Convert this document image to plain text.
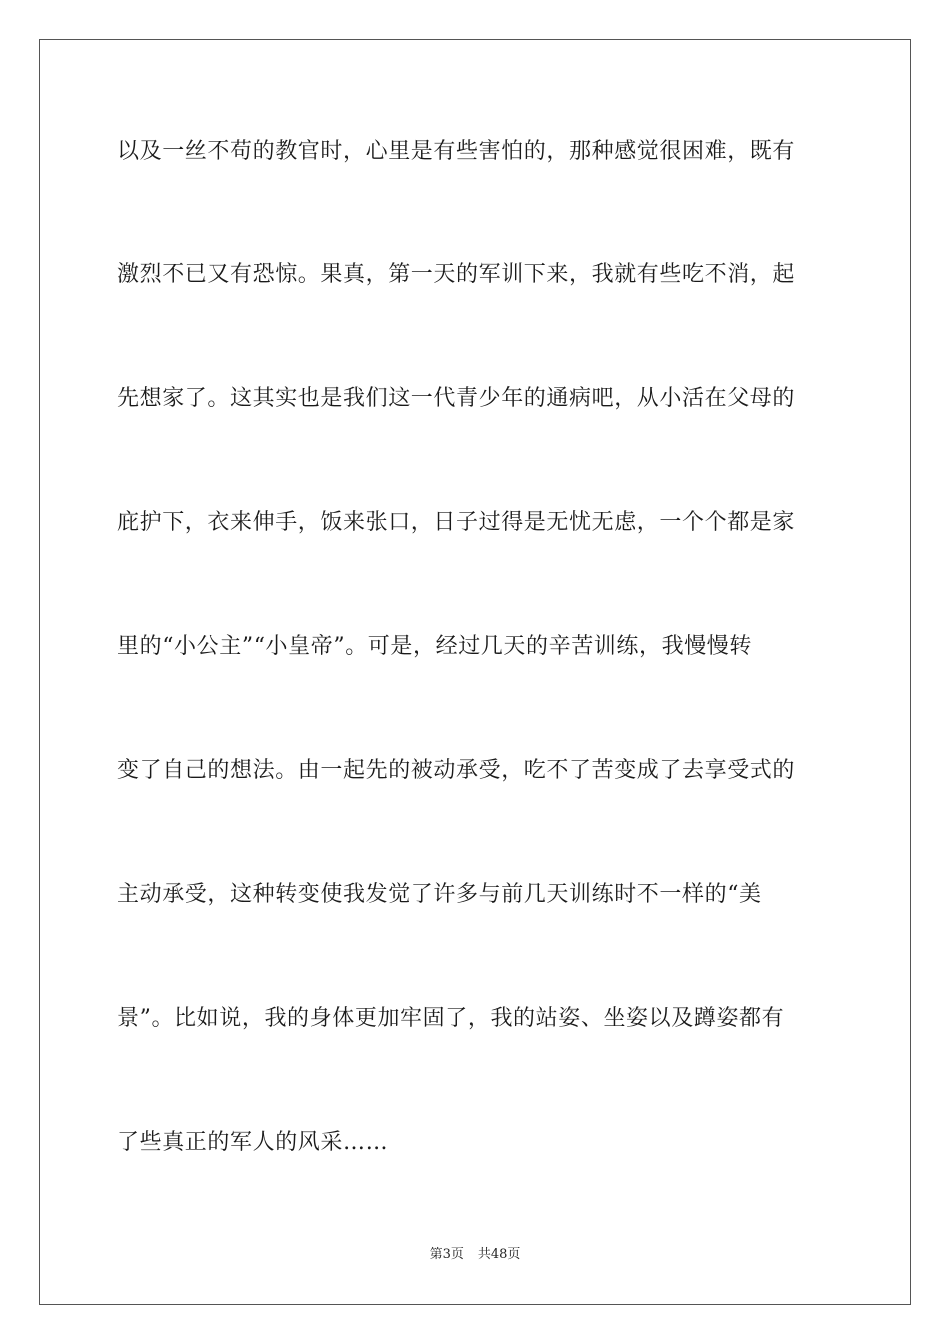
以及一丝不苟的教官时，心里是有些害怕的，那种感觉很困难，既有
激烈不已又有恐惊。果真，第一天的军训下来，我就有些吃不消，起
先想家了。这其实也是我们这一代青少年的通病吧，从小活在父母的
庇护下，衣来伸手，饭来张口，日子过得是无忧无虑，一个个都是家
里的“小公主”“小皇帝”。可是，经过几天的辛苦训练，我慢慢转
变了自己的想法。由一起先的被动承受，吃不了苦变成了去享受式的
主动承受，这种转变使我发觉了许多与前几天训练时不一样的“美
景”。比如说，我的身体更加牢固了，我的站姿、坐姿以及蹲姿都有
了些真正的军人的风采……
第3页 共48页
